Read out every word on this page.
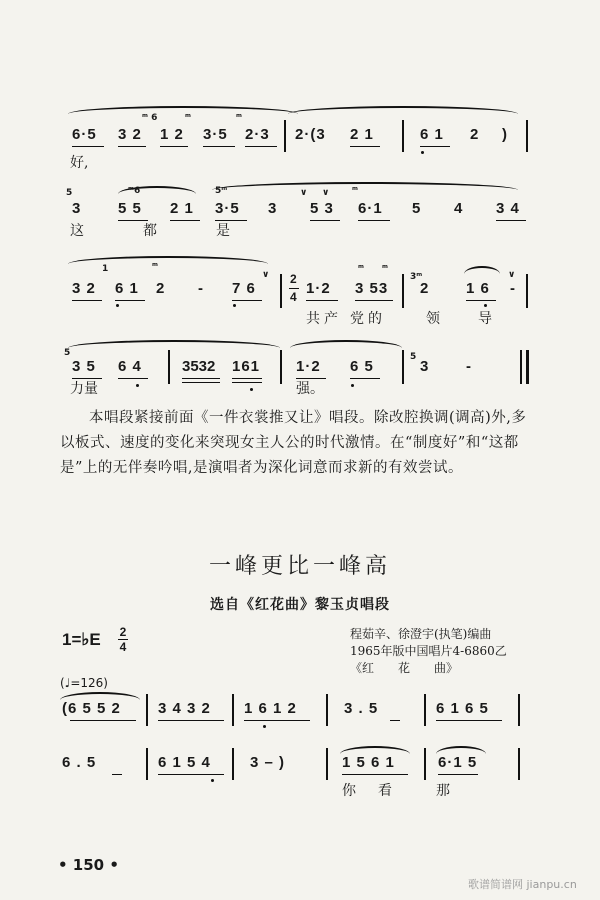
ᵐ 6	ᵐ	ᵐ
6·5 3 2 1 2 3·5 2·3 2·(3 2 1	6 1 2 )
好,
5	ᵐ6	5ᵐ	∨ ∨	ᵐ
3 5 5 2 1 3·5 3 5 3 6·1 5 4 3 4
这	都	是
1	ᵐ
∨
ᵐ ᵐ
3ᵐ	∨
3 2 6 1 2 - 7 6
2
4 1·2 3 53 2 1 6 -
共产 党的	领	导
5	5
3 5 6 4	3532 161 1·2 6 5	3 -
力量	强。
本唱段紧接前面《一件衣裳推又让》唱段。除改腔换调(调高)外,多以板式、速度的变化来突现女主人公的时代激情。在“制度好”和“这都是”上的无伴奏吟唱,是演唱者为深化词意而求新的有效尝试。
一峰更比一峰高
选自《红花曲》黎玉贞唱段
1=♭E 2
4
程茹辛、徐澄宇(执笔)编曲
1965年版中国唱片4-6860乙
《红　　花　　曲》
(♩=126)
(6 5 5 2 3 4 3 2 1 6 1 2	3 . 5	6 1 6 5
6 . 5	6 1 5 4	3 – )	1 5 6 1	6·1 5
你 看	那
• 150 •
歌谱简谱网 jianpu.cn
